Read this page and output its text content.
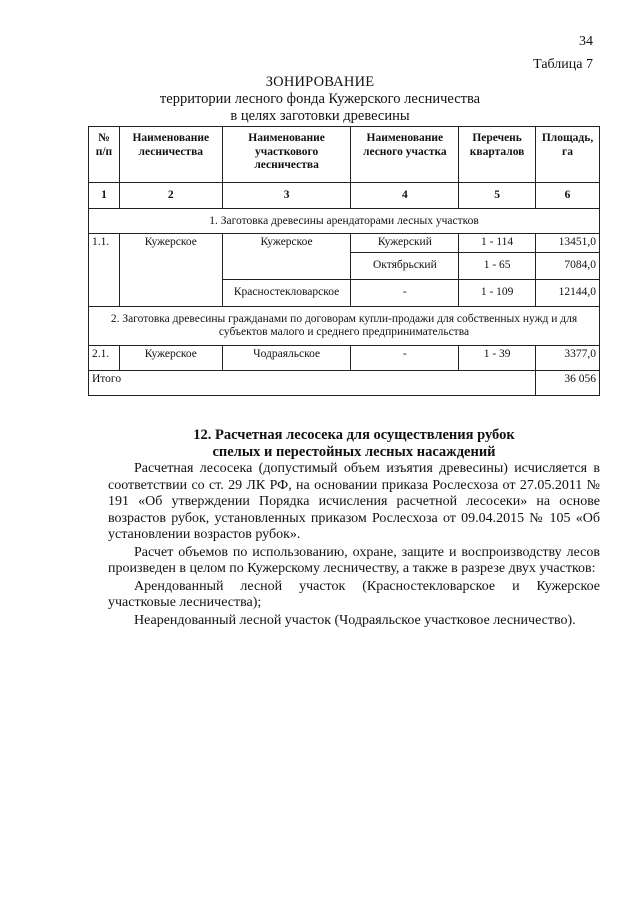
34
Таблица 7
ЗОНИРОВАНИЕ
территории лесного фонда Кужерского лесничества
в целях заготовки древесины
№ п/п	Наименование лесничества	Наименование участкового лесничества	Наименование лесного участка	Перечень кварталов	Площадь, га
1	2	3	4	5	6
1. Заготовка древесины арендаторами лесных участков					
1.1.	Кужерское	Кужерское	Кужерский	1 - 114	13451,0
			Октябрьский	1 - 65	7084,0
		Красностекловарское	-	1 - 109	12144,0
2. Заготовка древесины гражданами по договорам купли-продажи для собственных нужд и для субъектов малого и среднего предпринимательства					
2.1.	Кужерское	Чодраяльское	-	1 - 39	3377,0
Итого					36 056
12. Расчетная лесосека для осуществления рубок
спелых и перестойных лесных насаждений

Расчетная лесосека (допустимый объем изъятия древесины) исчисляется в соответствии со ст. 29 ЛК РФ, на основании приказа Рослесхоза от 27.05.2011 № 191 «Об утверждении Порядка исчисления расчетной лесосеки» на основе возрастов рубок, установленных приказом Рослесхоза от 09.04.2015 № 105 «Об установлении возрастов рубок».

Расчет объемов по использованию, охране, защите и воспроизводству лесов произведен в целом по Кужерскому лесничеству, а также в разрезе двух участков:

Арендованный лесной участок (Красностекловарское и Кужерское участковые лесничества);

Неарендованный лесной участок (Чодраяльское участковое лесничество).
